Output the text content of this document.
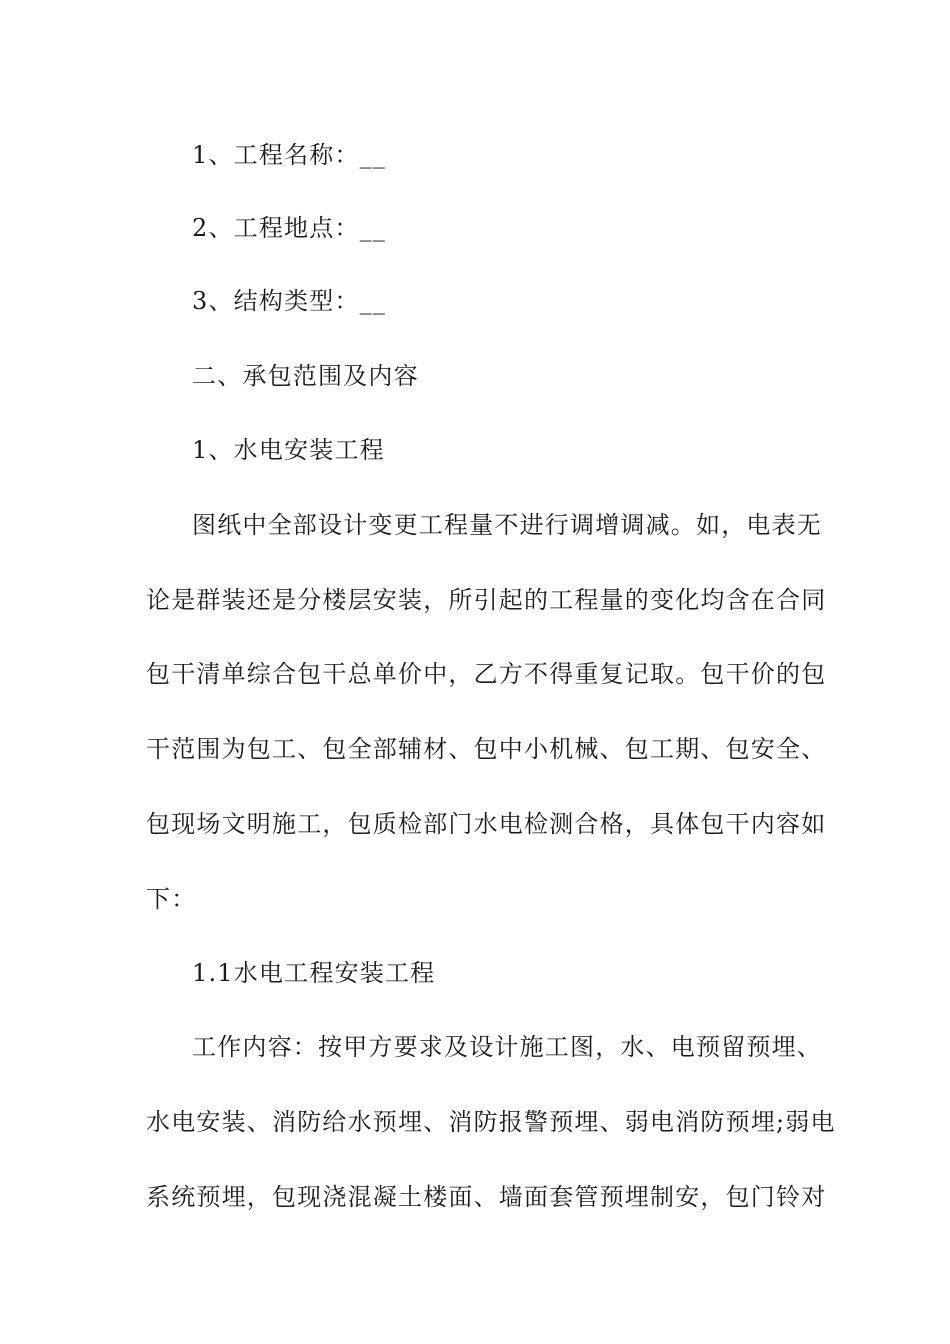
1、工程名称：__
2、工程地点：__
3、结构类型：__
二、承包范围及内容
1、水电安装工程
图纸中全部设计变更工程量不进行调增调减。如，电表无
论是群装还是分楼层安装，所引起的工程量的变化均含在合同
包干清单综合包干总单价中，乙方不得重复记取。包干价的包
干范围为包工、包全部辅材、包中小机械、包工期、包安全、
包现场文明施工，包质检部门水电检测合格，具体包干内容如
下：
1.1水电工程安装工程
工作内容：按甲方要求及设计施工图，水、电预留预埋、
水电安装、消防给水预埋、消防报警预埋、弱电消防预埋;弱电
系统预埋，包现浇混凝土楼面、墙面套管预埋制安，包门铃对
